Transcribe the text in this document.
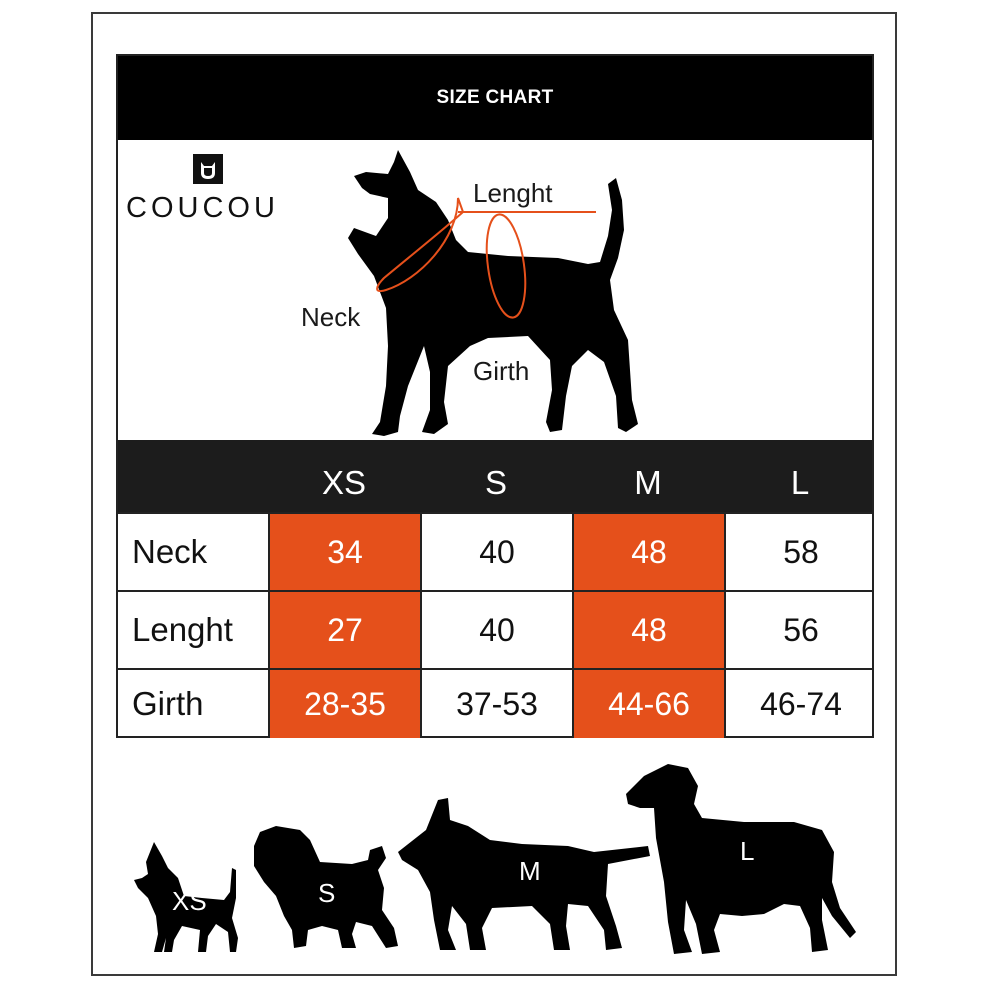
SIZE CHART
COUCOU	Lenght
Neck
Girth
XS	S	M	L
Neck	34	40	48	58
Lenght	27	40	48	56
Girth	28-35	37-53	44-66	46-74
XS	S
M
L
